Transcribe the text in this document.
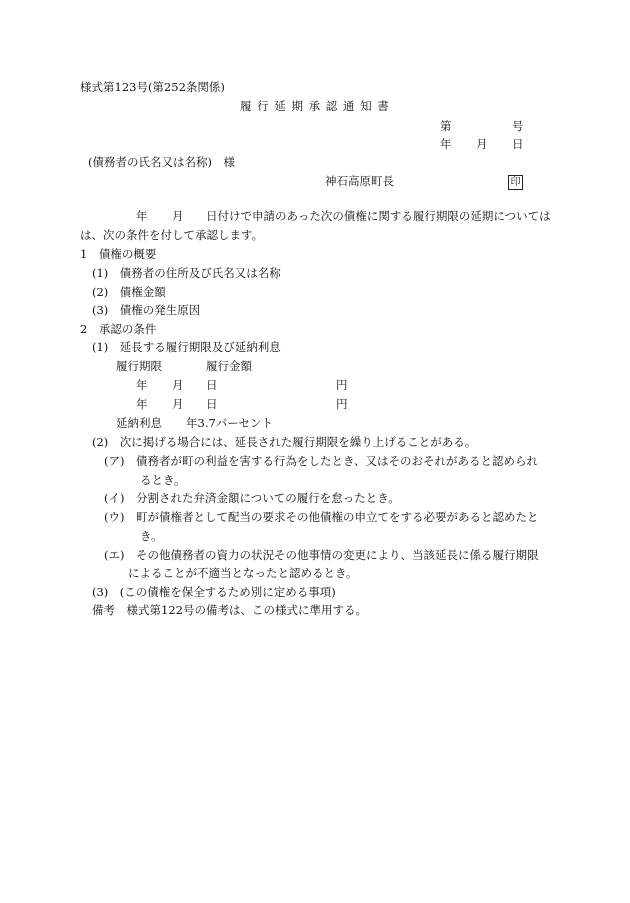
様式第123号(第252条関係)
履 行 延 期 承 認 通 知 書
第	号
年 月 日
(債務者の氏名又は名称)　様
神石高原町長	印
年 月 日付けで申請のあった次の債権に関する履行期限の延期については
は、次の条件を付して承認します。
1　債権の概要
(1)　債務者の住所及び氏名又は名称
(2)　債権金額
(3)　債権の発生原因
2　承認の条件
(1)　延長する履行期限及び延納利息
履行期限	履行金額
年 月 日	円
年 月 日	円
延納利息 年3.7パーセント
(2)　次に掲げる場合には、延長された履行期限を繰り上げることがある。
(ア)　債務者が町の利益を害する行為をしたとき、又はそのおそれがあると認められ
るとき。
(イ)　分割された弁済金額についての履行を怠ったとき。
(ウ)　町が債権者として配当の要求その他債権の申立てをする必要があると認めたと
き。
(エ)　その他債務者の資力の状況その他事情の変更により、当該延長に係る履行期限
によることが不適当となったと認めるとき。
(3)　(この債権を保全するため別に定める事項)
備考　様式第122号の備考は、この様式に準用する。
